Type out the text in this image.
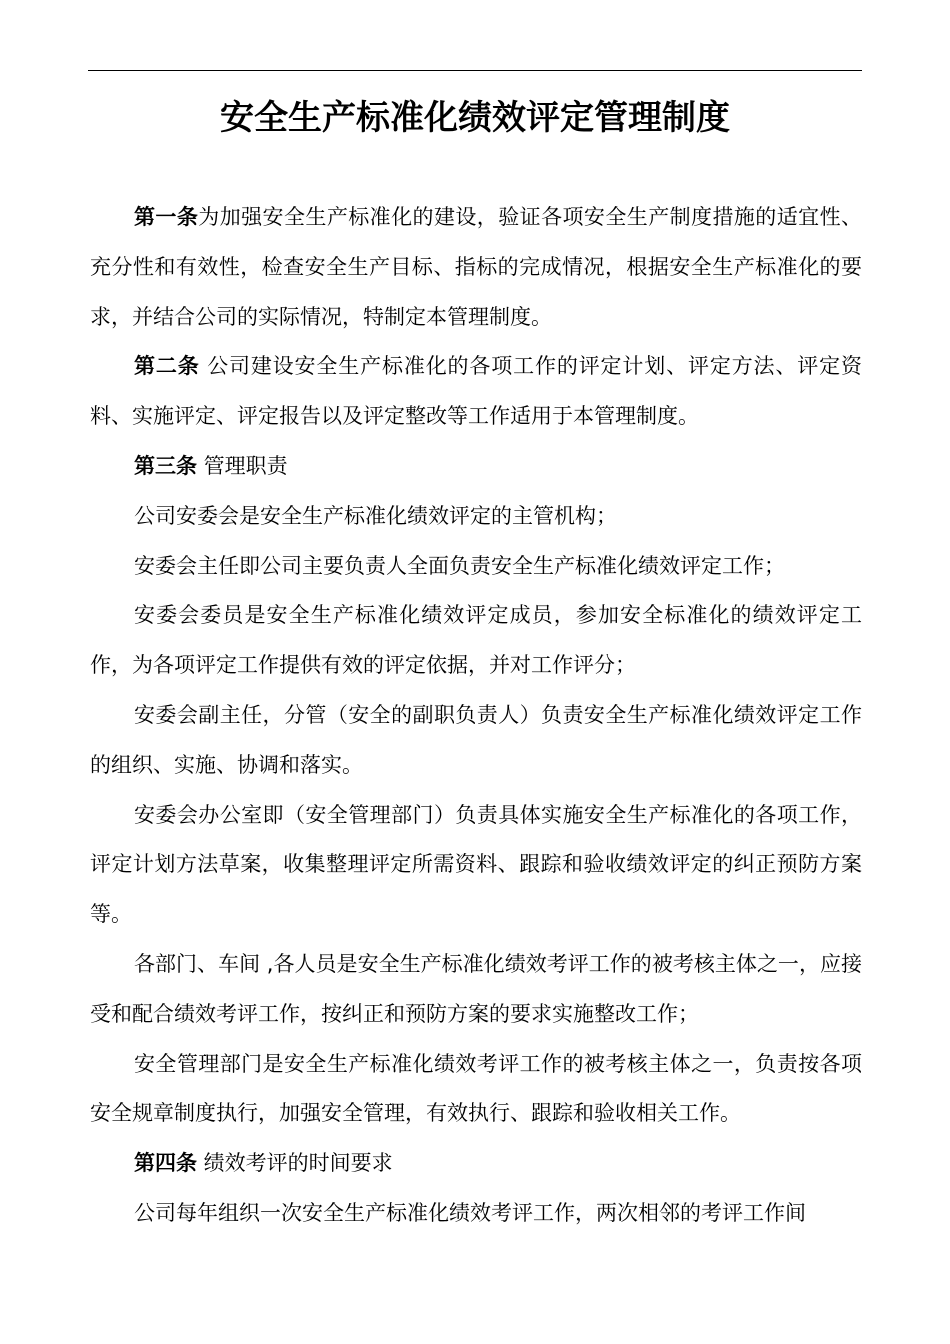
安全生产标准化绩效评定管理制度

第一条为加强安全生产标准化的建设，验证各项安全生产制度措施的适宜性、充分性和有效性，检查安全生产目标、指标的完成情况，根据安全生产标准化的要求，并结合公司的实际情况，特制定本管理制度。

第二条 公司建设安全生产标准化的各项工作的评定计划、评定方法、评定资料、实施评定、评定报告以及评定整改等工作适用于本管理制度。

第三条 管理职责

公司安委会是安全生产标准化绩效评定的主管机构；

安委会主任即公司主要负责人全面负责安全生产标准化绩效评定工作；

安委会委员是安全生产标准化绩效评定成员，参加安全标准化的绩效评定工作，为各项评定工作提供有效的评定依据，并对工作评分；

安委会副主任，分管（安全的副职负责人）负责安全生产标准化绩效评定工作的组织、实施、协调和落实。

安委会办公室即（安全管理部门）负责具体实施安全生产标准化的各项工作，评定计划方法草案，收集整理评定所需资料、跟踪和验收绩效评定的纠正预防方案等。

各部门、车间 ,各人员是安全生产标准化绩效考评工作的被考核主体之一，应接受和配合绩效考评工作，按纠正和预防方案的要求实施整改工作；

安全管理部门是安全生产标准化绩效考评工作的被考核主体之一，负责按各项安全规章制度执行，加强安全管理，有效执行、跟踪和验收相关工作。

第四条 绩效考评的时间要求

公司每年组织一次安全生产标准化绩效考评工作，两次相邻的考评工作间
